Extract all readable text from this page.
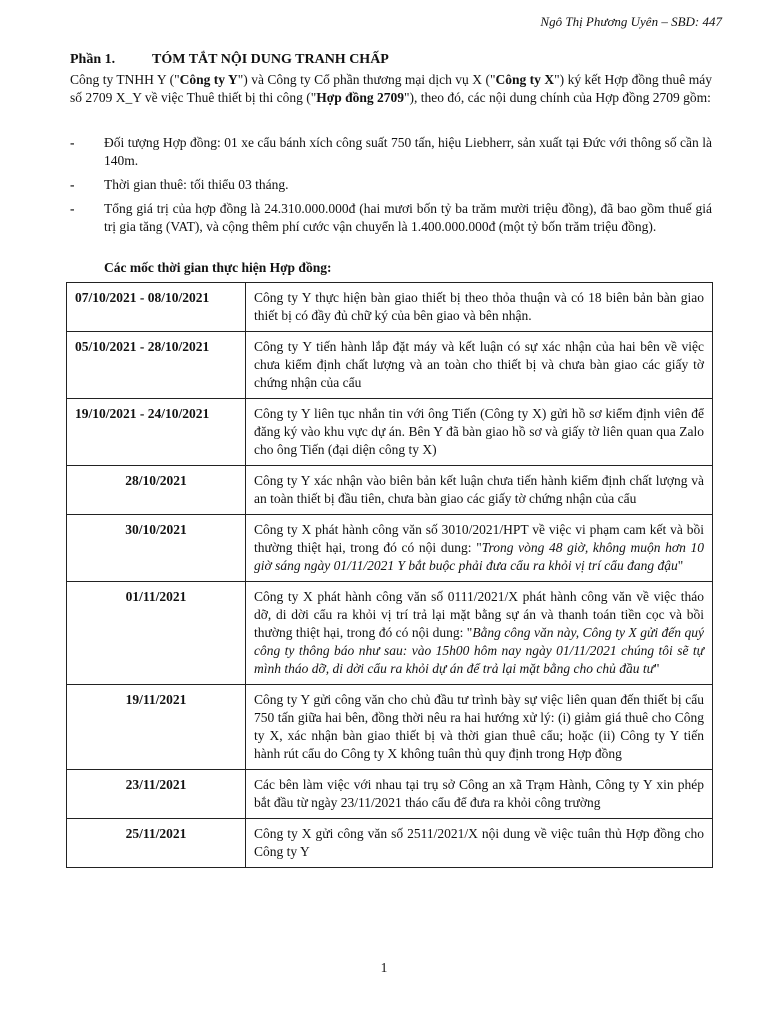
Ngô Thị Phương Uyên – SBD: 447
Phần 1.	TÓM TẮT NỘI DUNG TRANH CHẤP
Công ty TNHH Y ("Công ty Y") và Công ty Cổ phần thương mại dịch vụ X ("Công ty X") ký kết Hợp đồng thuê máy số 2709 X_Y về việc Thuê thiết bị thi công ("Hợp đồng 2709"), theo đó, các nội dung chính của Hợp đồng 2709 gồm:
-	Đối tượng Hợp đồng: 01 xe cẩu bánh xích công suất 750 tấn, hiệu Liebherr, sản xuất tại Đức với thông số cần là 140m.
-	Thời gian thuê: tối thiểu 03 tháng.
-	Tổng giá trị của hợp đồng là 24.310.000.000đ (hai mươi bốn tỷ ba trăm mười triệu đồng), đã bao gồm thuế giá trị gia tăng (VAT), và cộng thêm phí cước vận chuyển là 1.400.000.000đ (một tỷ bốn trăm triệu đồng).
Các mốc thời gian thực hiện Hợp đồng:
07/10/2021 - 08/10/2021	Công ty Y thực hiện bàn giao thiết bị theo thỏa thuận và có 18 biên bản bàn giao thiết bị có đầy đủ chữ ký của bên giao và bên nhận.
05/10/2021 - 28/10/2021	Công ty Y tiến hành lắp đặt máy và kết luận có sự xác nhận của hai bên về việc chưa kiểm định chất lượng và an toàn cho thiết bị và chưa bàn giao các giấy tờ chứng nhận của cẩu
19/10/2021 - 24/10/2021	Công ty Y liên tục nhắn tin với ông Tiến (Công ty X) gửi hồ sơ kiểm định viên để đăng ký vào khu vực dự án. Bên Y đã bàn giao hồ sơ và giấy tờ liên quan qua Zalo cho ông Tiến (đại diện công ty X)
28/10/2021	Công ty Y xác nhận vào biên bản kết luận chưa tiến hành kiểm định chất lượng và an toàn thiết bị đầu tiên, chưa bàn giao các giấy tờ chứng nhận của cẩu
30/10/2021	Công ty X phát hành công văn số 3010/2021/HPT về việc vi phạm cam kết và bồi thường thiệt hại, trong đó có nội dung: "Trong vòng 48 giờ, không muộn hơn 10 giờ sáng ngày 01/11/2021 Y bắt buộc phải đưa cẩu ra khỏi vị trí cẩu đang đậu"
01/11/2021	Công ty X phát hành công văn số 0111/2021/X phát hành công văn về việc tháo dỡ, di dời cẩu ra khỏi vị trí trả lại mặt bằng sự án và thanh toán tiền cọc và bồi thường thiệt hại, trong đó có nội dung: "Bằng công văn này, Công ty X gửi đến quý công ty thông báo như sau: vào 15h00 hôm nay ngày 01/11/2021 chúng tôi sẽ tự mình tháo dỡ, di dời cẩu ra khỏi dự án để trả lại mặt bằng cho chủ đầu tư"
19/11/2021	Công ty Y gửi công văn cho chủ đầu tư trình bày sự việc liên quan đến thiết bị cẩu 750 tấn giữa hai bên, đồng thời nêu ra hai hướng xử lý: (i) giảm giá thuê cho Công ty X, xác nhận bàn giao thiết bị và thời gian thuê cẩu; hoặc (ii) Công ty Y tiến hành rút cẩu do Công ty X không tuân thủ quy định trong Hợp đồng
23/11/2021	Các bên làm việc với nhau tại trụ sở Công an xã Trạm Hành, Công ty Y xin phép bắt đầu từ ngày 23/11/2021 tháo cẩu để đưa ra khỏi công trường
25/11/2021	Công ty X gửi công văn số 2511/2021/X nội dung về việc tuân thủ Hợp đồng cho Công ty Y
1
